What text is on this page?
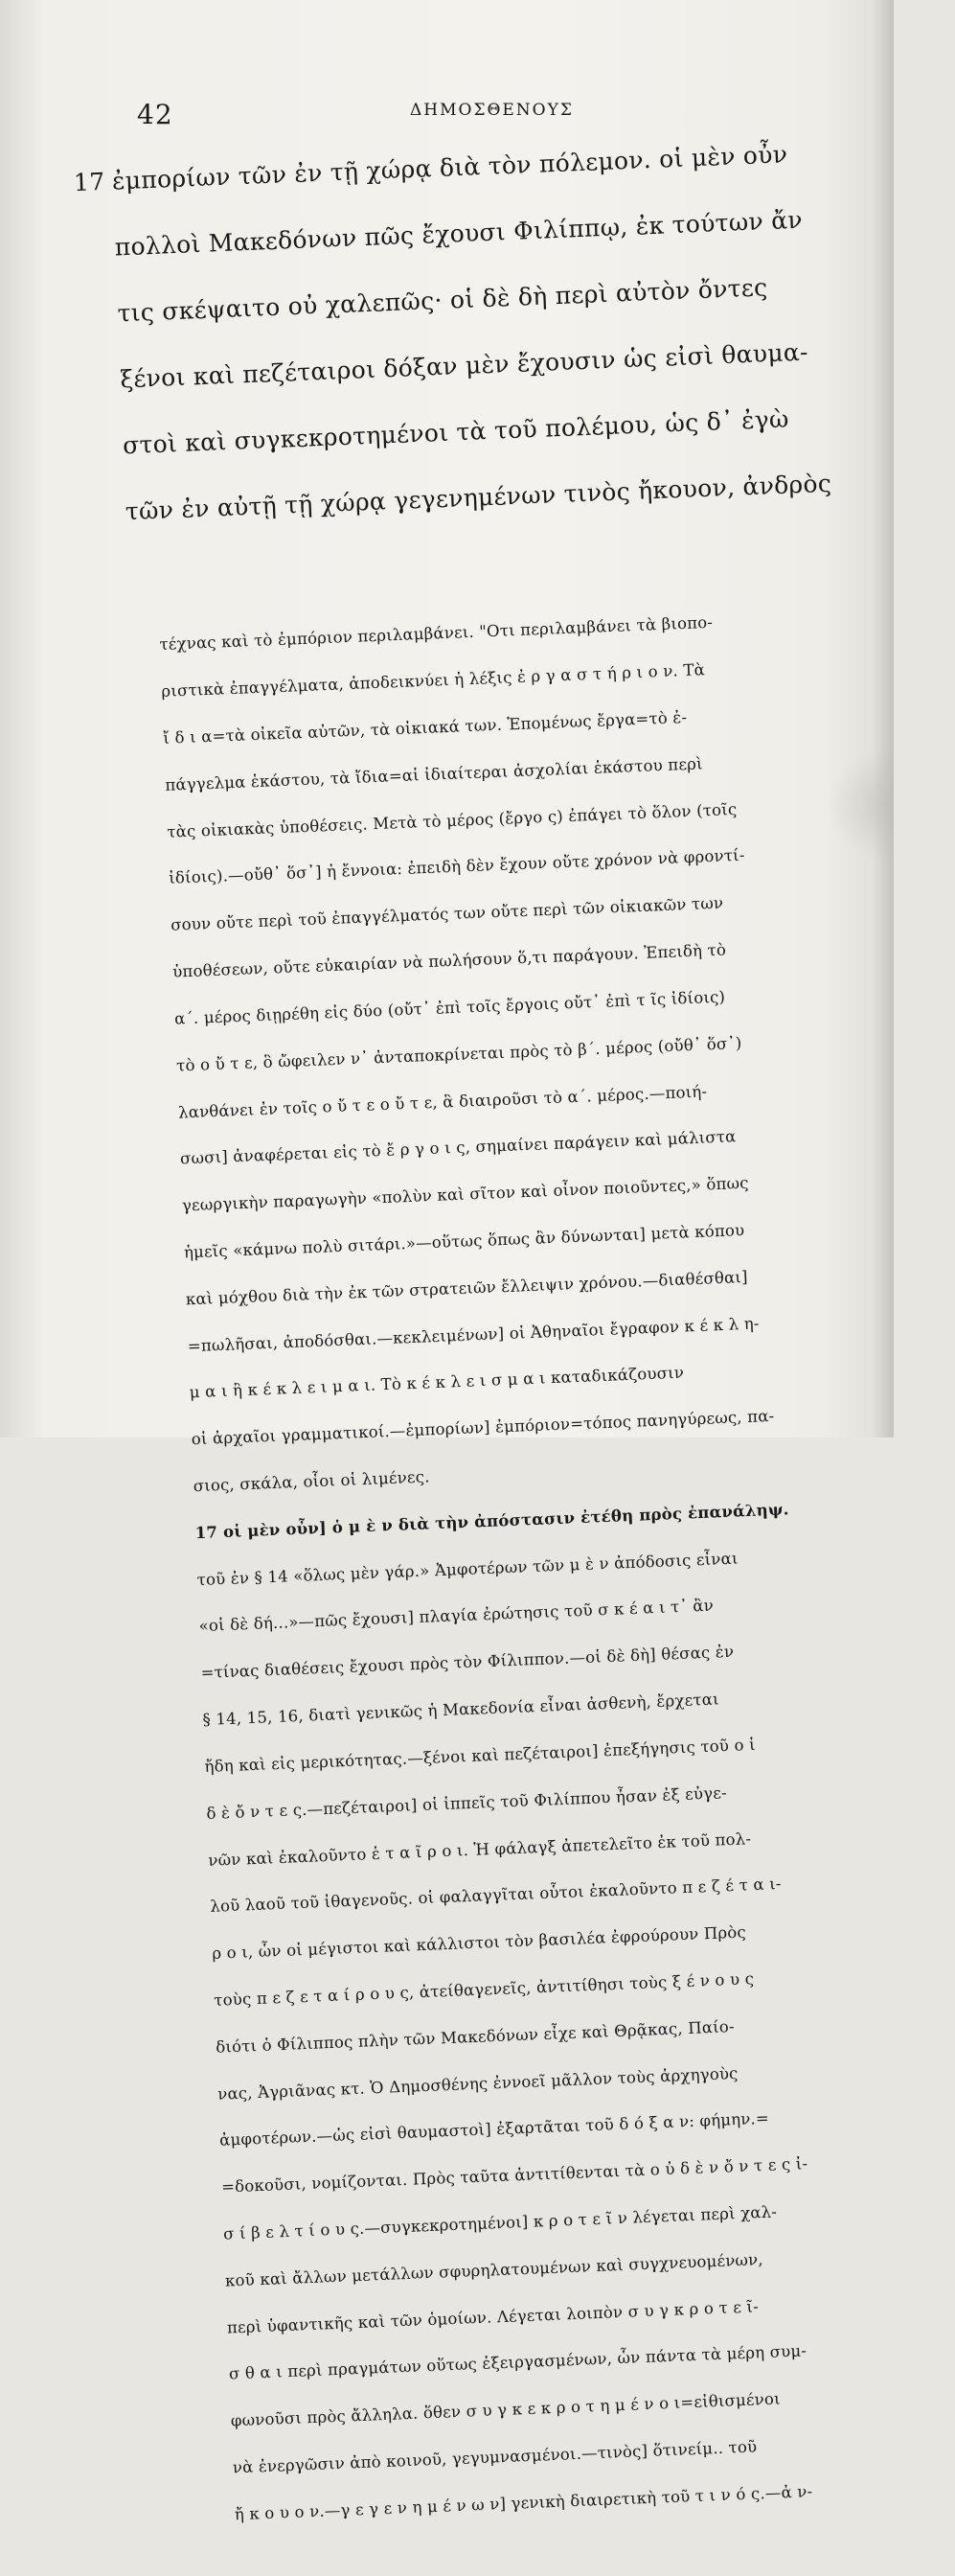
42	ΔΗΜΟΣΘΕΝΟΥΣ

17 ἐμπορίων τῶν ἐν τῇ χώρᾳ διὰ τὸν πόλεμον. οἱ μὲν οὖν

πολλοὶ Μακεδόνων πῶς ἔχουσι Φιλίππῳ, ἐκ τούτων ἄν

τις σκέψαιτο οὐ χαλεπῶς· οἱ δὲ δὴ περὶ αὐτὸν ὄντες

ξένοι καὶ πεζέταιροι δόξαν μὲν ἔχουσιν ὡς εἰσὶ θαυμα-

στοὶ καὶ συγκεκροτημένοι τὰ τοῦ πολέμου, ὡς δ᾽ ἐγὼ

τῶν ἐν αὐτῇ τῇ χώρᾳ γεγενημένων τινὸς ἤκουον, ἀνδρὸς

τέχνας καὶ τὸ ἐμπόριον περιλαμβάνει. "Οτι περιλαμβάνει τὰ βιοπο-

ριστικὰ ἐπαγγέλματα, ἀποδεικνύει ἡ λέξις ἐ ρ γ α σ τ ή ρ ι ο ν. Τὰ

ἴ δ ι α=τὰ οἰκεῖα αὐτῶν, τὰ οἰκιακά των. Ἑπομένως ἔργα=τὸ ἐ-

πάγγελμα ἑκάστου, τὰ ἴδια=αἱ ἰδιαίτεραι ἀσχολίαι ἑκάστου περὶ

τὰς οἰκιακὰς ὑποθέσεις. Μετὰ τὸ μέρος (ἔργο ς) ἐπάγει τὸ ὅλον (τοῖς

ἰδίοις).—οὔθ᾽ ὅσ᾽] ἡ ἔννοια: ἐπειδὴ δὲν ἔχουν οὔτε χρόνον νὰ φροντί-

σουν οὔτε περὶ τοῦ ἐπαγγέλματός των οὔτε περὶ τῶν οἰκιακῶν των

ὑποθέσεων, οὔτε εὐκαιρίαν νὰ πωλήσουν ὅ,τι παράγουν. Ἐπειδὴ τὸ

α΄. μέρος διῃρέθη εἰς δύο (οὔτ᾽ ἐπὶ τοῖς ἔργοις οὔτ᾽ ἐπὶ τ ῖς ἰδίοις)

τὸ ο ὔ τ ε, ὃ ὤφειλεν ν᾽ ἀνταποκρίνεται πρὸς τὸ β΄. μέρος (οὔθ᾽ ὅσ᾽)

λανθάνει ἐν τοῖς ο ὔ τ ε ο ὔ τ ε, ἃ διαιροῦσι τὸ α΄. μέρος.—ποιή-

σωσι] ἀναφέρεται εἰς τὸ ἔ ρ γ ο ι ς, σημαίνει παράγειν καὶ μάλιστα

γεωργικὴν παραγωγὴν «πολὺν καὶ σῖτον καὶ οἶνον ποιοῦντες,» ὅπως

ἡμεῖς «κάμνω πολὺ σιτάρι.»—οὕτως ὅπως ἂν δύνωνται] μετὰ κόπου

καὶ μόχθου διὰ τὴν ἐκ τῶν στρατειῶν ἔλλειψιν χρόνου.—διαθέσθαι]

=πωλῆσαι, ἀποδόσθαι.—κεκλειμένων] οἱ Ἀθηναῖοι ἔγραφον κ έ κ λ η-

μ α ι ἢ κ έ κ λ ε ι μ α ι. Τὸ κ έ κ λ ε ι σ μ α ι καταδικάζουσιν

οἱ ἀρχαῖοι γραμματικοί.—ἐμπορίων] ἐμπόριον=τόπος πανηγύρεως, πα-

σιος, σκάλα, οἷοι οἱ λιμένες.

17 οἱ μὲν οὖν] ὁ μ ὲ ν διὰ τὴν ἀπόστασιν ἐτέθη πρὸς ἐπανάληψ.

τοῦ ἐν § 14 «ὅλως μὲν γάρ.» Ἀμφοτέρων τῶν μ ὲ ν ἀπόδοσις εἶναι

«οἱ δὲ δή...»—πῶς ἔχουσι] πλαγία ἐρώτησις τοῦ σ κ έ α ι τ᾽ ἂν

=τίνας διαθέσεις ἔχουσι πρὸς τὸν Φίλιππον.—οἱ δὲ δὴ] θέσας ἐν

§ 14, 15, 16, διατὶ γενικῶς ἡ Μακεδονία εἶναι ἀσθενὴ, ἔρχεται

ἤδη καὶ εἰς μερικότητας.—ξένοι καὶ πεζέταιροι] ἐπεξήγησις τοῦ ο ἱ

δ ὲ ὄ ν τ ε ς.—πεζέταιροι] οἱ ἱππεῖς τοῦ Φιλίππου ἦσαν ἐξ εὐγε-

νῶν καὶ ἐκαλοῦντο ἑ τ α ῖ ρ ο ι. Ἡ φάλαγξ ἀπετελεῖτο ἐκ τοῦ πολ-

λοῦ λαοῦ τοῦ ἰθαγενοῦς. οἱ φαλαγγῖται οὗτοι ἐκαλοῦντο π ε ζ έ τ α ι-

ρ ο ι, ὧν οἱ μέγιστοι καὶ κάλλιστοι τὸν βασιλέα ἐφρούρουν Πρὸς

τοὺς π ε ζ ε τ α ί ρ ο υ ς, ἀτείθαγενεῖς, ἀντιτίθησι τοὺς ξ έ ν ο υ ς

διότι ὁ Φίλιππος πλὴν τῶν Μακεδόνων εἶχε καὶ Θρᾷκας, Παίο-

νας, Ἀγριᾶνας κτ. Ὁ Δημοσθένης ἐννοεῖ μᾶλλον τοὺς ἀρχηγοὺς

ἀμφοτέρων.—ὡς εἰσὶ θαυμαστοὶ] ἐξαρτᾶται τοῦ δ ό ξ α ν: φήμην.=

=δοκοῦσι, νομίζονται. Πρὸς ταῦτα ἀντιτίθενται τὰ ο ὐ δ ὲ ν ὄ ν τ ε ς ἰ-

σ ί β ε λ τ ί ο υ ς.—συγκεκροτημένοι] κ ρ ο τ ε ῖ ν λέγεται περὶ χαλ-

κοῦ καὶ ἄλλων μετάλλων σφυρηλατουμένων καὶ συγχνευομένων,

περὶ ὑφαντικῆς καὶ τῶν ὁμοίων. Λέγεται λοιπὸν σ υ γ κ ρ ο τ ε ῖ-

σ θ α ι περὶ πραγμάτων οὕτως ἐξειργασμένων, ὧν πάντα τὰ μέρη συμ-

φωνοῦσι πρὸς ἄλληλα. ὅθεν σ υ γ κ ε κ ρ ο τ η μ έ ν ο ι=εἰθισμένοι

νὰ ἐνεργῶσιν ἀπὸ κοινοῦ, γεγυμνασμένοι.—τινὸς] ὅτινείμ.. τοῦ

ἤ κ ο υ ο ν.—γ ε γ ε ν η μ έ ν ω ν] γενικὴ διαιρετικὴ τοῦ τ ι ν ό ς.—ἀ ν-
